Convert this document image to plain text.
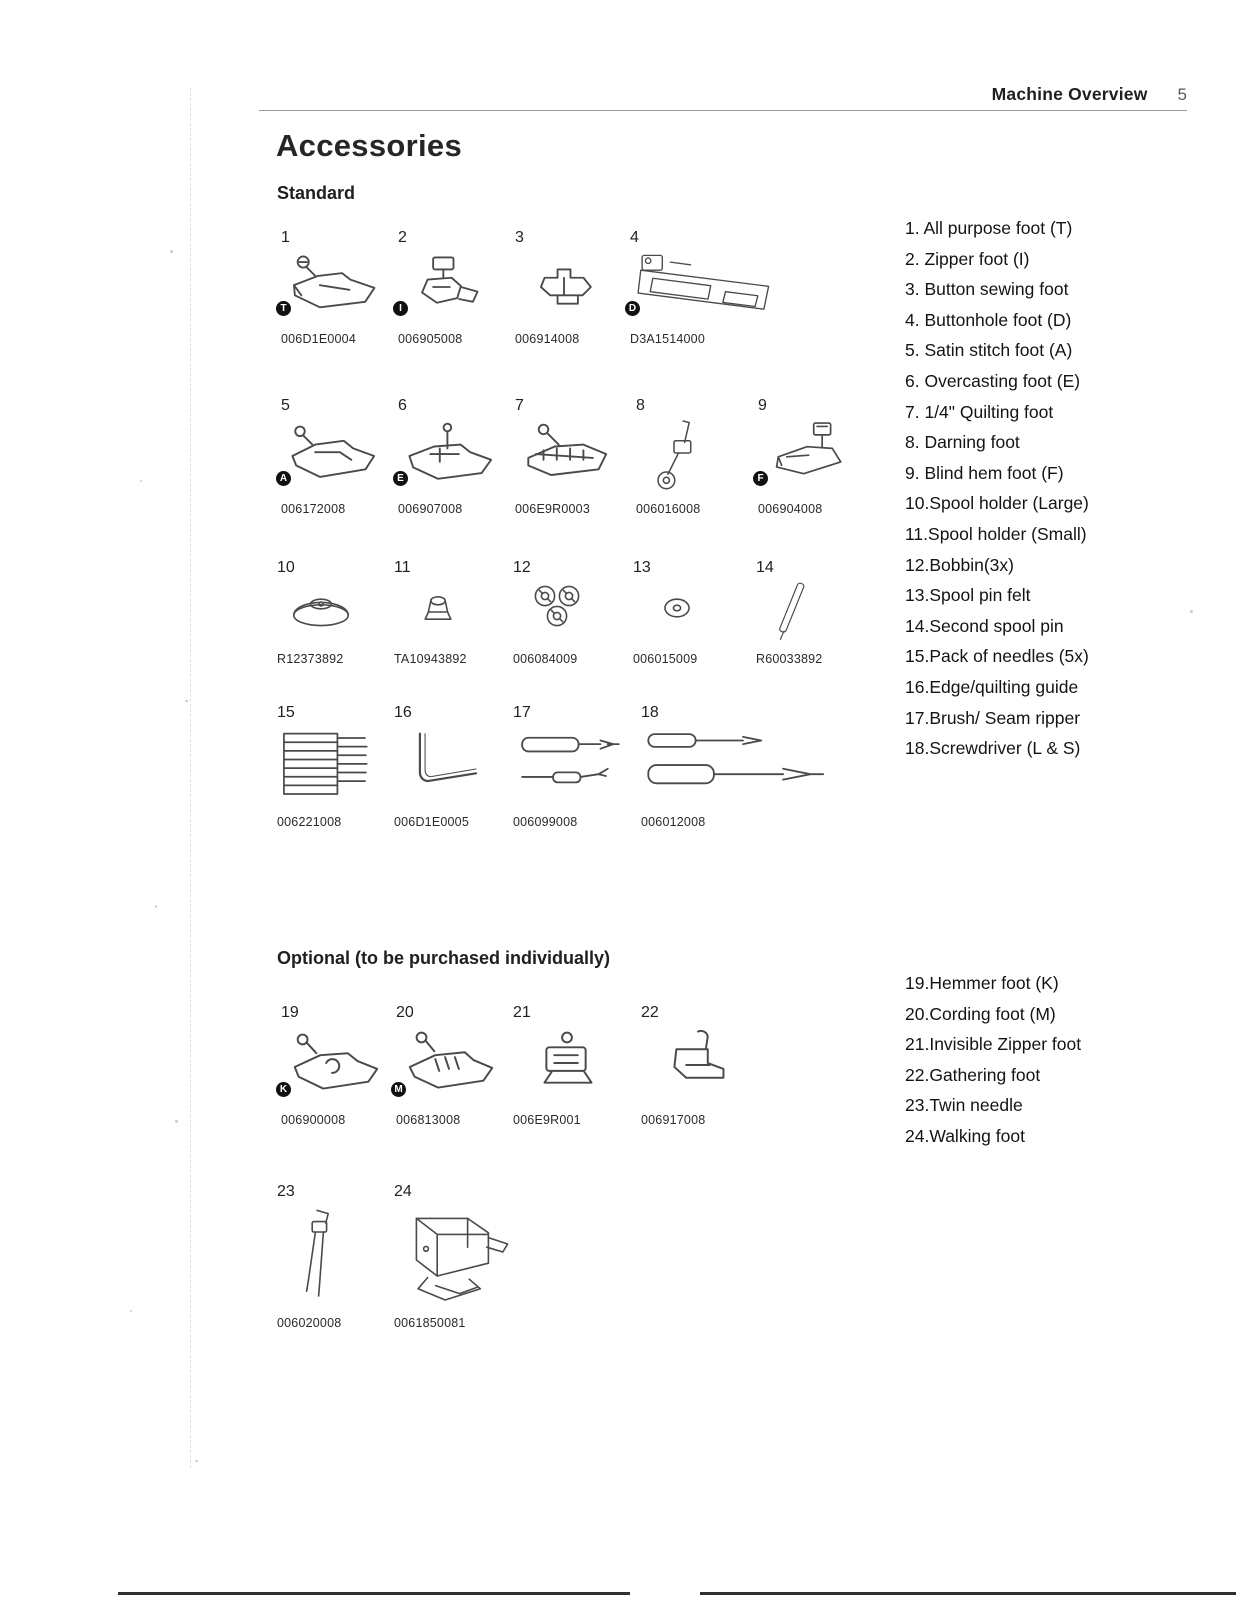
Machine Overview 5
Accessories
Standard
Optional (to be purchased individually)
1
T
006D1E0004
2
I
006905008
3
006914008
4
D
D3A1514000
5
A
006172008
6
E
006907008
7
006E9R0003
8
006016008
9
F
006904008
10
R12373892
11
TA10943892
12
006084009
13
006015009
14
R60033892
15
006221008
16
006D1E0005
17
006099008
18
006012008
19
K
006900008
20
M
006813008
21
006E9R001
22
006917008
23
006020008
24
0061850081
1. All purpose foot (T)
2. Zipper foot (I)
3. Button sewing foot
4. Buttonhole foot (D)
5. Satin stitch foot (A)
6. Overcasting foot (E)
7. 1/4" Quilting foot
8. Darning foot
9. Blind hem foot (F)
10.Spool holder (Large)
11.Spool holder (Small)
12.Bobbin(3x)
13.Spool pin felt
14.Second spool pin
15.Pack of needles (5x)
16.Edge/quilting guide
17.Brush/ Seam ripper
18.Screwdriver (L & S)
19.Hemmer foot (K)
20.Cording foot (M)
21.Invisible Zipper foot
22.Gathering foot
23.Twin needle
24.Walking foot
